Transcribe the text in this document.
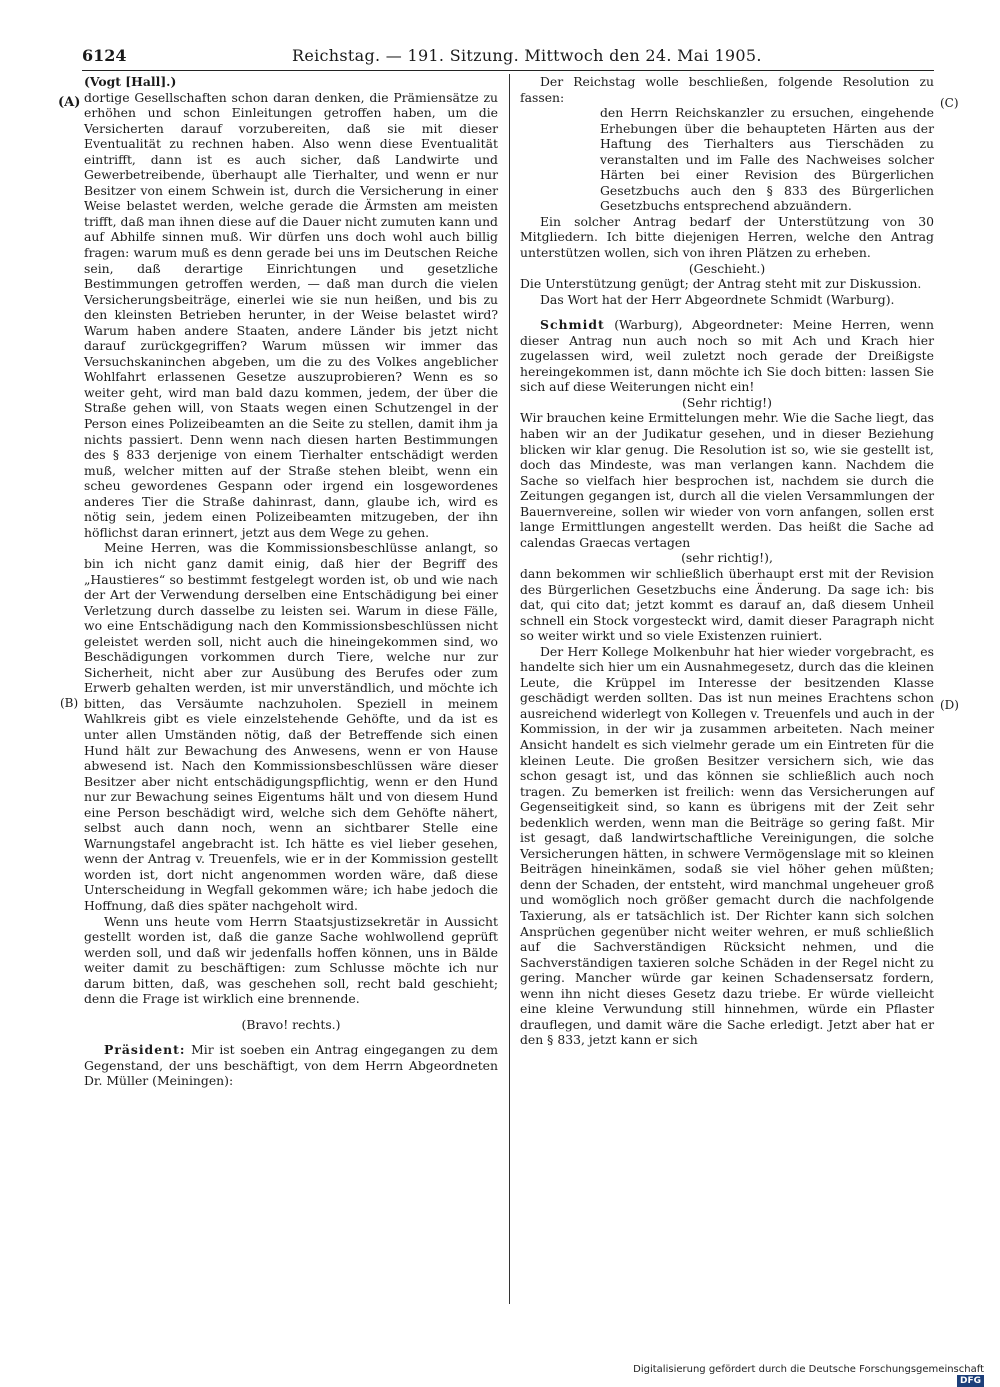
6124	Reichstag. — 191. Sitzung. Mittwoch den 24. Mai 1905.
(A)
(B)
(C)
(D)

(Vogt [Hall].)

dortige Gesellschaften schon daran denken, die Prämiensätze zu erhöhen und schon Einleitungen getroffen haben, um die Versicherten darauf vorzubereiten, daß sie mit dieser Eventualität zu rechnen haben. Also wenn diese Eventualität eintrifft, dann ist es auch sicher, daß Landwirte und Gewerbetreibende, überhaupt alle Tierhalter, und wenn er nur Besitzer von einem Schwein ist, durch die Versicherung in einer Weise belastet werden, welche gerade die Ärmsten am meisten trifft, daß man ihnen diese auf die Dauer nicht zumuten kann und auf Abhilfe sinnen muß. Wir dürfen uns doch wohl auch billig fragen: warum muß es denn gerade bei uns im Deutschen Reiche sein, daß derartige Einrichtungen und gesetzliche Bestimmungen getroffen werden, — daß man durch die vielen Versicherungsbeiträge, einerlei wie sie nun heißen, und bis zu den kleinsten Betrieben herunter, in der Weise belastet wird? Warum haben andere Staaten, andere Länder bis jetzt nicht darauf zurückgegriffen? Warum müssen wir immer das Versuchskaninchen abgeben, um die zu des Volkes angeblicher Wohlfahrt erlassenen Gesetze auszuprobieren? Wenn es so weiter geht, wird man bald dazu kommen, jedem, der über die Straße gehen will, von Staats wegen einen Schutzengel in der Person eines Polizeibeamten an die Seite zu stellen, damit ihm ja nichts passiert. Denn wenn nach diesen harten Bestimmungen des § 833 derjenige von einem Tierhalter entschädigt werden muß, welcher mitten auf der Straße stehen bleibt, wenn ein scheu gewordenes Gespann oder irgend ein losgewordenes anderes Tier die Straße dahinrast, dann, glaube ich, wird es nötig sein, jedem einen Polizeibeamten mitzugeben, der ihn höflichst daran erinnert, jetzt aus dem Wege zu gehen.

Meine Herren, was die Kommissionsbeschlüsse anlangt, so bin ich nicht ganz damit einig, daß hier der Begriff des „Haustieres“ so bestimmt festgelegt worden ist, ob und wie nach der Art der Verwendung derselben eine Entschädigung bei einer Verletzung durch dasselbe zu leisten sei. Warum in diese Fälle, wo eine Entschädigung nach den Kommissionsbeschlüssen nicht geleistet werden soll, nicht auch die hineingekommen sind, wo Beschädigungen vorkommen durch Tiere, welche nur zur Sicherheit, nicht aber zur Ausübung des Berufes oder zum Erwerb gehalten werden, ist mir unverständlich, und möchte ich bitten, das Versäumte nachzuholen. Speziell in meinem Wahlkreis gibt es viele einzelstehende Gehöfte, und da ist es unter allen Umständen nötig, daß der Betreffende sich einen Hund hält zur Bewachung des Anwesens, wenn er von Hause abwesend ist. Nach den Kommissionsbeschlüssen wäre dieser Besitzer aber nicht entschädigungspflichtig, wenn er den Hund nur zur Bewachung seines Eigentums hält und von diesem Hund eine Person beschädigt wird, welche sich dem Gehöfte nähert, selbst auch dann noch, wenn an sichtbarer Stelle eine Warnungstafel angebracht ist. Ich hätte es viel lieber gesehen, wenn der Antrag v. Treuenfels, wie er in der Kommission gestellt worden ist, dort nicht angenommen worden wäre, daß diese Unterscheidung in Wegfall gekommen wäre; ich habe jedoch die Hoffnung, daß dies später nachgeholt wird.

Wenn uns heute vom Herrn Staatsjustizsekretär in Aussicht gestellt worden ist, daß die ganze Sache wohlwollend geprüft werden soll, und daß wir jedenfalls hoffen können, uns in Bälde weiter damit zu beschäftigen: zum Schlusse möchte ich nur darum bitten, daß, was geschehen soll, recht bald geschieht; denn die Frage ist wirklich eine brennende.

(Bravo! rechts.)

Präsident: Mir ist soeben ein Antrag eingegangen zu dem Gegenstand, der uns beschäftigt, von dem Herrn Abgeordneten Dr. Müller (Meiningen):

Der Reichstag wolle beschließen, folgende Resolution zu fassen:

den Herrn Reichskanzler zu ersuchen, eingehende Erhebungen über die behaupteten Härten aus der Haftung des Tierhalters aus Tierschäden zu veranstalten und im Falle des Nachweises solcher Härten bei einer Revision des Bürgerlichen Gesetzbuchs auch den § 833 des Bürgerlichen Gesetzbuchs entsprechend abzuändern.

Ein solcher Antrag bedarf der Unterstützung von 30 Mitgliedern. Ich bitte diejenigen Herren, welche den Antrag unterstützen wollen, sich von ihren Plätzen zu erheben.

(Geschieht.)

Die Unterstützung genügt; der Antrag steht mit zur Diskussion.

Das Wort hat der Herr Abgeordnete Schmidt (Warburg).

Schmidt (Warburg), Abgeordneter: Meine Herren, wenn dieser Antrag nun auch noch so mit Ach und Krach hier zugelassen wird, weil zuletzt noch gerade der Dreißigste hereingekommen ist, dann möchte ich Sie doch bitten: lassen Sie sich auf diese Weiterungen nicht ein!

(Sehr richtig!)

Wir brauchen keine Ermittelungen mehr. Wie die Sache liegt, das haben wir an der Judikatur gesehen, und in dieser Beziehung blicken wir klar genug. Die Resolution ist so, wie sie gestellt ist, doch das Mindeste, was man verlangen kann. Nachdem die Sache so vielfach hier besprochen ist, nachdem sie durch die Zeitungen gegangen ist, durch all die vielen Versammlungen der Bauernvereine, sollen wir wieder von vorn anfangen, sollen erst lange Ermittlungen angestellt werden. Das heißt die Sache ad calendas Graecas vertagen

(sehr richtig!),

dann bekommen wir schließlich überhaupt erst mit der Revision des Bürgerlichen Gesetzbuchs eine Änderung. Da sage ich: bis dat, qui cito dat; jetzt kommt es darauf an, daß diesem Unheil schnell ein Stock vorgesteckt wird, damit dieser Paragraph nicht so weiter wirkt und so viele Existenzen ruiniert.

Der Herr Kollege Molkenbuhr hat hier wieder vorgebracht, es handelte sich hier um ein Ausnahmegesetz, durch das die kleinen Leute, die Krüppel im Interesse der besitzenden Klasse geschädigt werden sollten. Das ist nun meines Erachtens schon ausreichend widerlegt von Kollegen v. Treuenfels und auch in der Kommission, in der wir ja zusammen arbeiteten. Nach meiner Ansicht handelt es sich vielmehr gerade um ein Eintreten für die kleinen Leute. Die großen Besitzer versichern sich, wie das schon gesagt ist, und das können sie schließlich auch noch tragen. Zu bemerken ist freilich: wenn das Versicherungen auf Gegenseitigkeit sind, so kann es übrigens mit der Zeit sehr bedenklich werden, wenn man die Beiträge so gering faßt. Mir ist gesagt, daß landwirtschaftliche Vereinigungen, die solche Versicherungen hätten, in schwere Vermögenslage mit so kleinen Beiträgen hineinkämen, sodaß sie viel höher gehen müßten; denn der Schaden, der entsteht, wird manchmal ungeheuer groß und womöglich noch größer gemacht durch die nachfolgende Taxierung, als er tatsächlich ist. Der Richter kann sich solchen Ansprüchen gegenüber nicht weiter wehren, er muß schließlich auf die Sachverständigen Rücksicht nehmen, und die Sachverständigen taxieren solche Schäden in der Regel nicht zu gering. Mancher würde gar keinen Schadensersatz fordern, wenn ihn nicht dieses Gesetz dazu triebe. Er würde vielleicht eine kleine Verwundung still hinnehmen, würde ein Pflaster drauflegen, und damit wäre die Sache erledigt. Jetzt aber hat er den § 833, jetzt kann er sich

Digitalisierung gefördert durch die Deutsche Forschungsgemeinschaft DFG
